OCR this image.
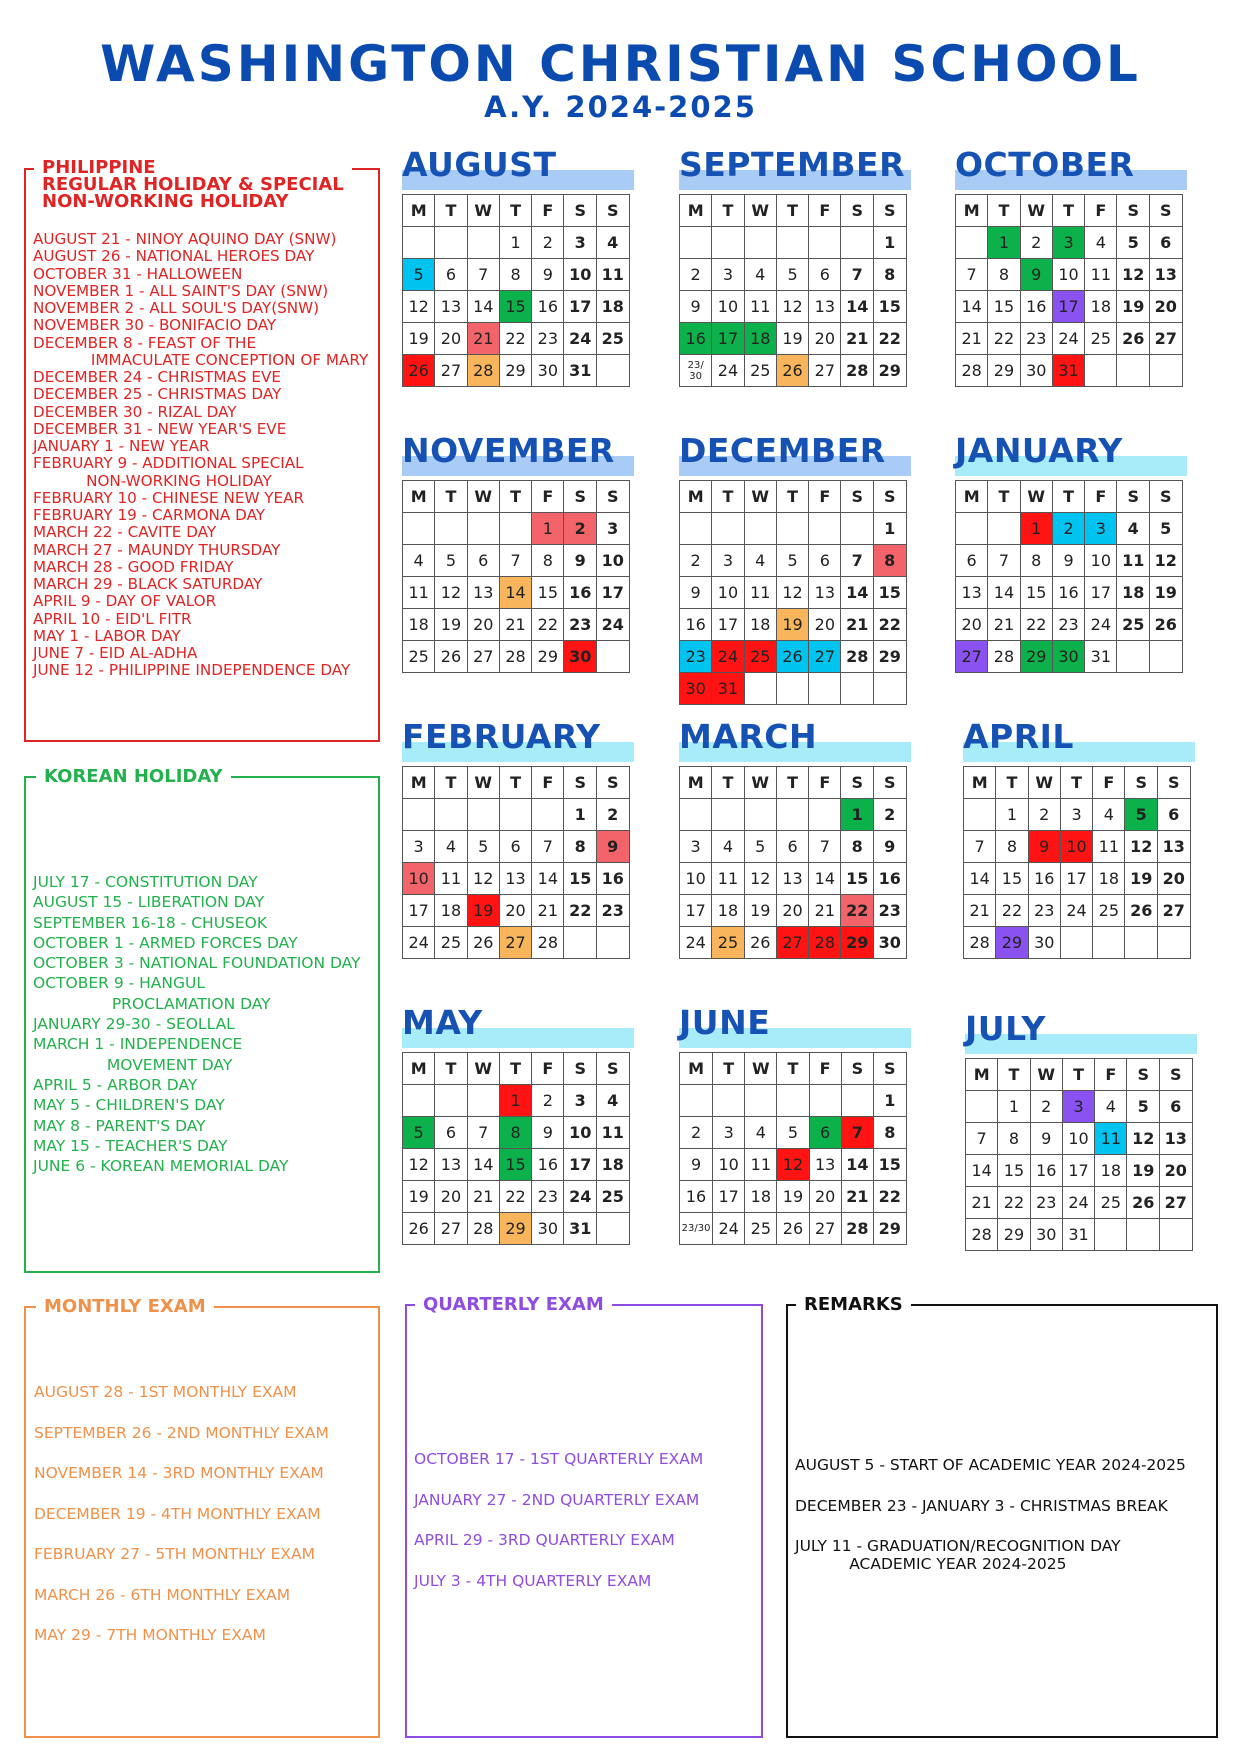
WASHINGTON CHRISTIAN SCHOOL
A.Y. 2024-2025
PHILIPPINE
REGULAR HOLIDAY & SPECIAL
NON-WORKING HOLIDAY
AUGUST 21 - NINOY AQUINO DAY (SNW)
AUGUST 26 - NATIONAL HEROES DAY
OCTOBER 31 - HALLOWEEN
NOVEMBER 1 - ALL SAINT'S DAY (SNW)
NOVEMBER 2 - ALL SOUL'S DAY(SNW)
NOVEMBER 30 - BONIFACIO DAY
DECEMBER 8 - FEAST OF THE
IMMACULATE CONCEPTION OF MARY
DECEMBER 24 - CHRISTMAS EVE
DECEMBER 25 - CHRISTMAS DAY
DECEMBER 30 - RIZAL DAY
DECEMBER 31 - NEW YEAR'S EVE
JANUARY 1 - NEW YEAR
FEBRUARY 9 - ADDITIONAL SPECIAL
NON-WORKING HOLIDAY
FEBRUARY 10 - CHINESE NEW YEAR
FEBRUARY 19 - CARMONA DAY
MARCH 22 - CAVITE DAY
MARCH 27 - MAUNDY THURSDAY
MARCH 28 - GOOD FRIDAY
MARCH 29 - BLACK SATURDAY
APRIL 9 - DAY OF VALOR
APRIL 10 - EID'L FITR
MAY 1 - LABOR DAY
JUNE 7 - EID AL-ADHA
JUNE 12 - PHILIPPINE INDEPENDENCE DAY
KOREAN HOLIDAY
JULY 17 - CONSTITUTION DAY
AUGUST 15 - LIBERATION DAY
SEPTEMBER 16-18 - CHUSEOK
OCTOBER 1 - ARMED FORCES DAY
OCTOBER 3 - NATIONAL FOUNDATION DAY
OCTOBER 9 - HANGUL
PROCLAMATION DAY
JANUARY 29-30 - SEOLLAL
MARCH 1 - INDEPENDENCE
MOVEMENT DAY
APRIL 5 - ARBOR DAY
MAY 5 - CHILDREN'S DAY
MAY 8 - PARENT'S DAY
MAY 15 - TEACHER'S DAY
JUNE 6 - KOREAN MEMORIAL DAY
MONTHLY EXAM
AUGUST 28 - 1ST MONTHLY EXAM
SEPTEMBER 26 - 2ND MONTHLY EXAM
NOVEMBER 14 - 3RD MONTHLY EXAM
DECEMBER 19 - 4TH MONTHLY EXAM
FEBRUARY 27 - 5TH MONTHLY EXAM
MARCH 26 - 6TH MONTHLY EXAM
MAY 29 - 7TH MONTHLY EXAM
QUARTERLY EXAM
OCTOBER 17 - 1ST QUARTERLY EXAM
JANUARY 27 - 2ND QUARTERLY EXAM
APRIL 29 - 3RD QUARTERLY EXAM
JULY 3 - 4TH QUARTERLY EXAM
REMARKS
AUGUST 5 - START OF ACADEMIC YEAR 2024-2025
DECEMBER 23 - JANUARY 3 - CHRISTMAS BREAK
JULY 11 - GRADUATION/RECOGNITION DAY
ACADEMIC YEAR 2024-2025
AUGUST
M	T	W	T	F	S	S
			1	2	3	4
5	6	7	8	9	10	11
12	13	14	15	16	17	18
19	20	21	22	23	24	25
26	27	28	29	30	31	
SEPTEMBER
M	T	W	T	F	S	S
						1
2	3	4	5	6	7	8
9	10	11	12	13	14	15
16	17	18	19	20	21	22
23/ 30	24	25	26	27	28	29
OCTOBER
M	T	W	T	F	S	S
	1	2	3	4	5	6
7	8	9	10	11	12	13
14	15	16	17	18	19	20
21	22	23	24	25	26	27
28	29	30	31			
NOVEMBER
M	T	W	T	F	S	S
				1	2	3
4	5	6	7	8	9	10
11	12	13	14	15	16	17
18	19	20	21	22	23	24
25	26	27	28	29	30	
DECEMBER
M	T	W	T	F	S	S
						1
2	3	4	5	6	7	8
9	10	11	12	13	14	15
16	17	18	19	20	21	22
23	24	25	26	27	28	29
30	31					
JANUARY
M	T	W	T	F	S	S
		1	2	3	4	5
6	7	8	9	10	11	12
13	14	15	16	17	18	19
20	21	22	23	24	25	26
27	28	29	30	31		
FEBRUARY
M	T	W	T	F	S	S
					1	2
3	4	5	6	7	8	9
10	11	12	13	14	15	16
17	18	19	20	21	22	23
24	25	26	27	28		
MARCH
M	T	W	T	F	S	S
					1	2
3	4	5	6	7	8	9
10	11	12	13	14	15	16
17	18	19	20	21	22	23
24	25	26	27	28	29	30
APRIL
M	T	W	T	F	S	S
	1	2	3	4	5	6
7	8	9	10	11	12	13
14	15	16	17	18	19	20
21	22	23	24	25	26	27
28	29	30				
MAY
M	T	W	T	F	S	S
			1	2	3	4
5	6	7	8	9	10	11
12	13	14	15	16	17	18
19	20	21	22	23	24	25
26	27	28	29	30	31	
JUNE
M	T	W	T	F	S	S
						1
2	3	4	5	6	7	8
9	10	11	12	13	14	15
16	17	18	19	20	21	22
23/30	24	25	26	27	28	29
JULY
M	T	W	T	F	S	S
	1	2	3	4	5	6
7	8	9	10	11	12	13
14	15	16	17	18	19	20
21	22	23	24	25	26	27
28	29	30	31			
